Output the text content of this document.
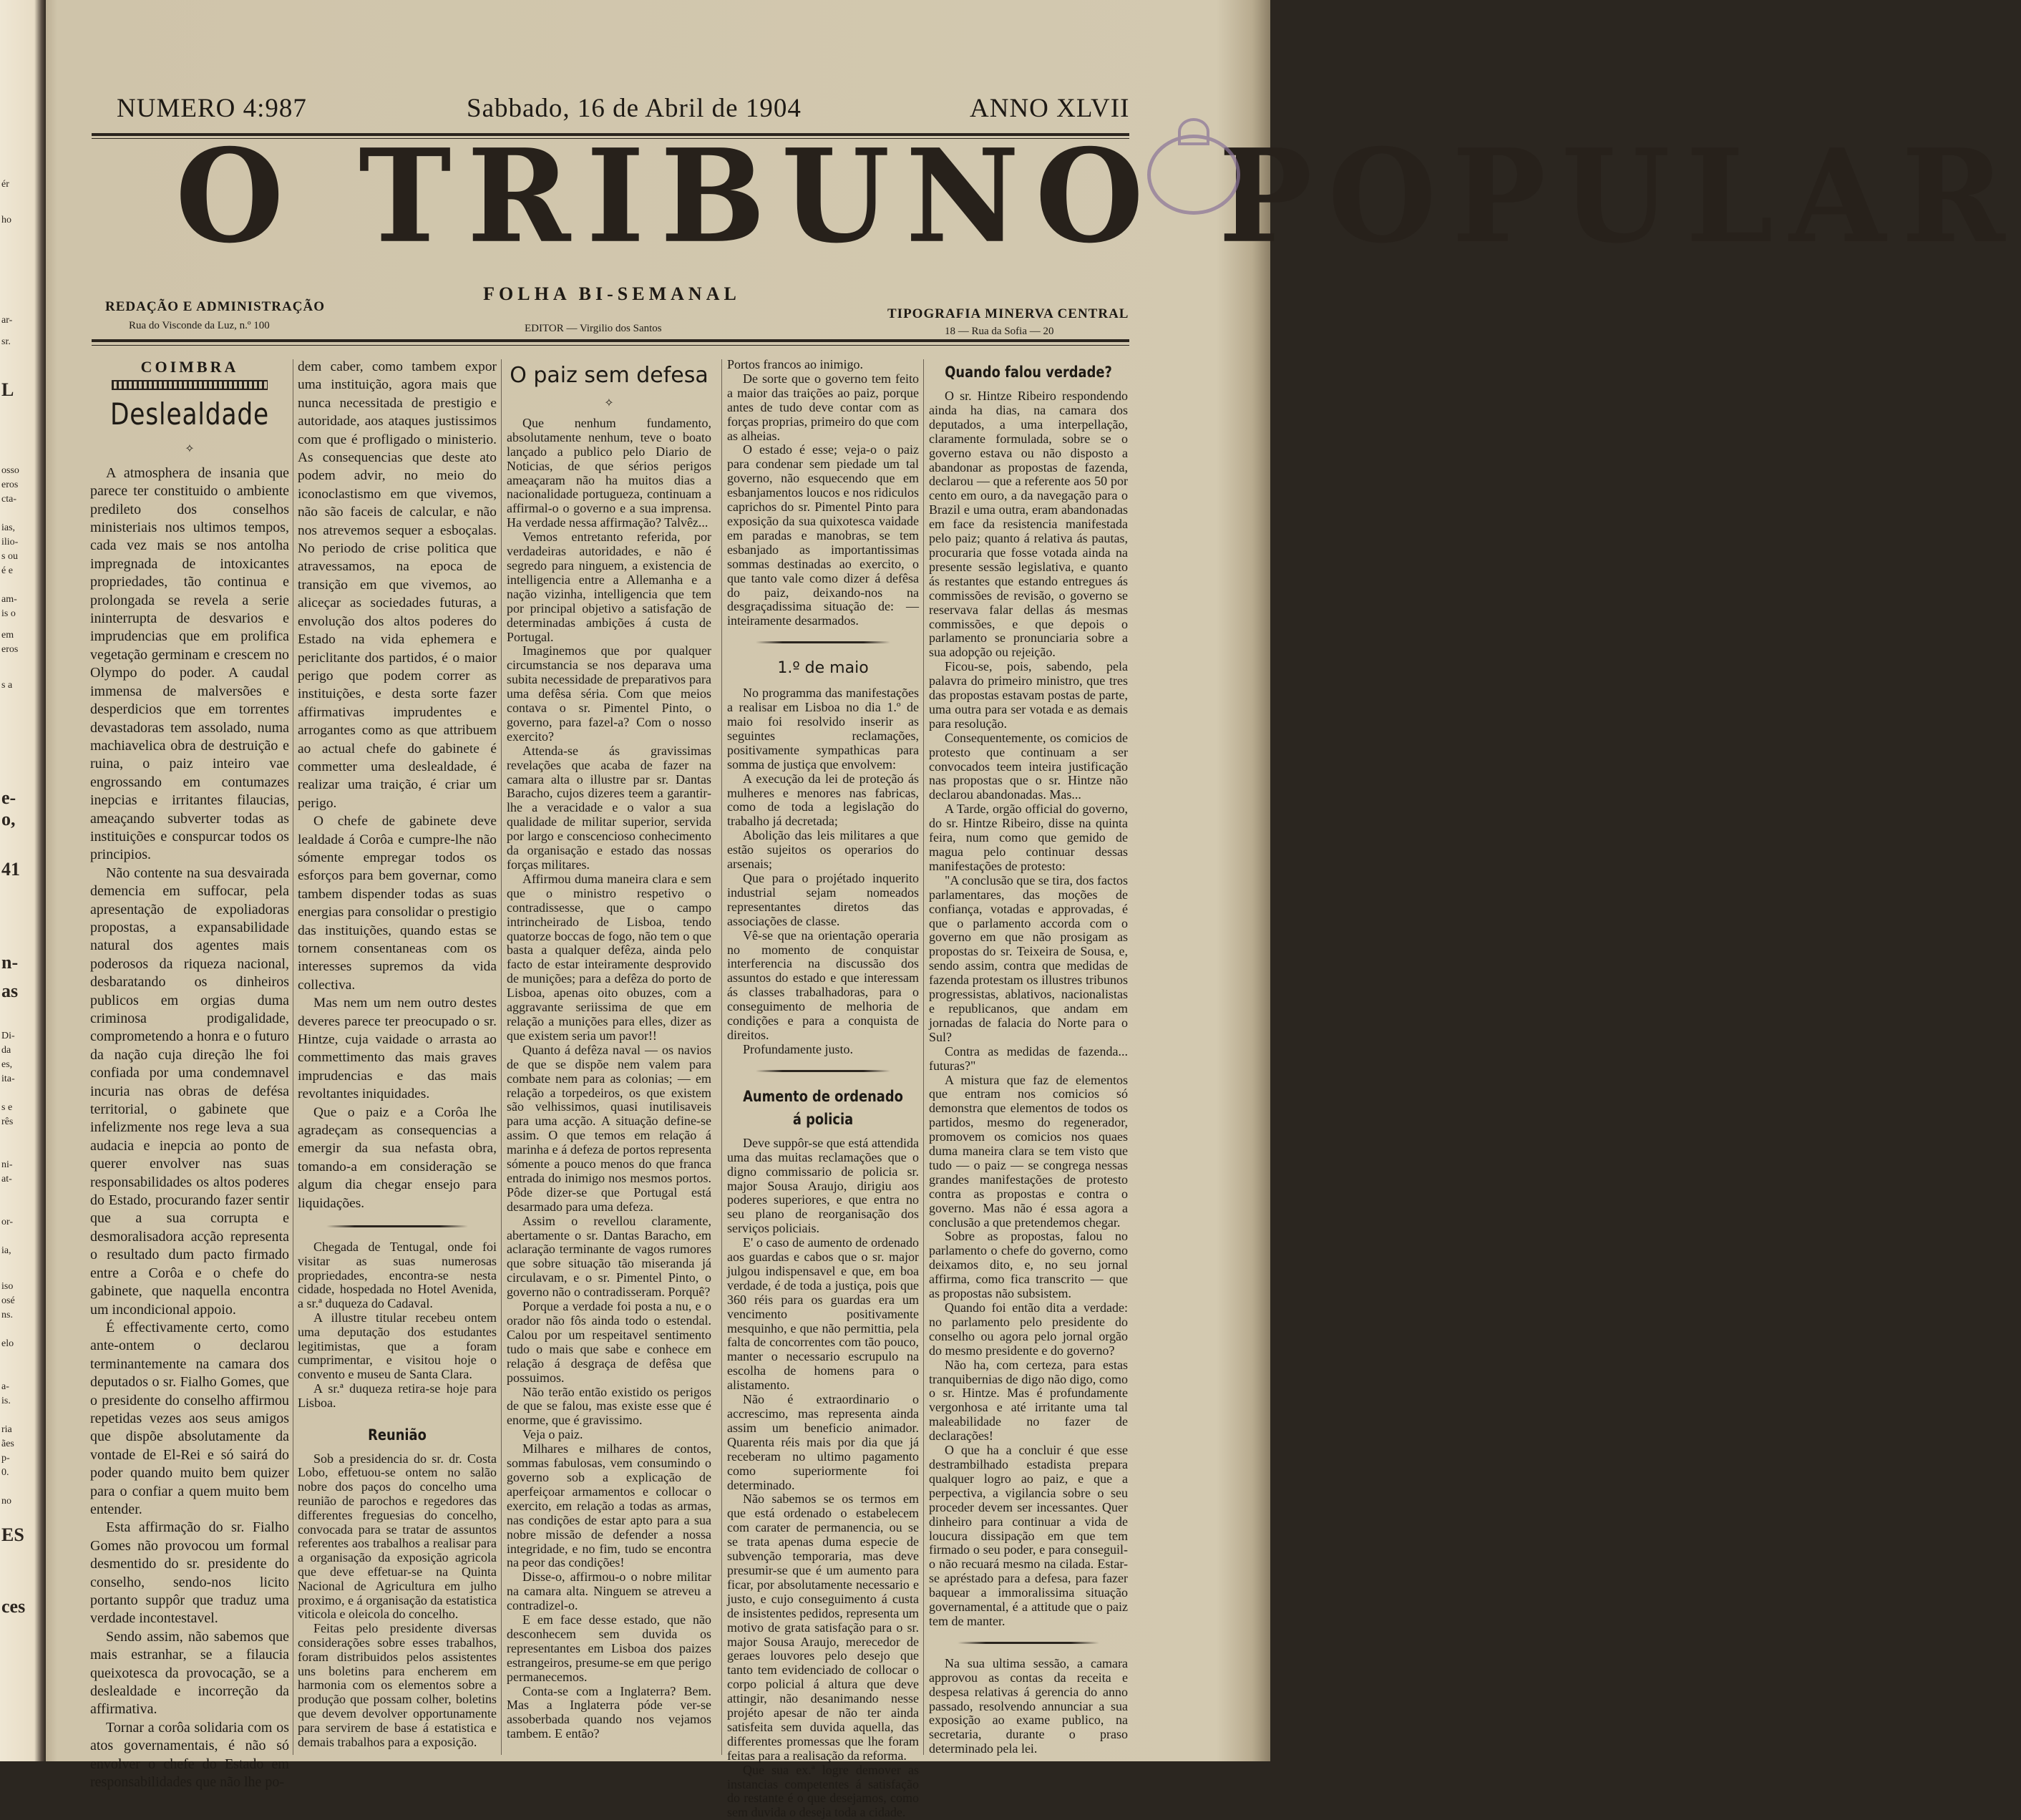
ér
ho
ar-
sr.
L
osso
eros
cta-
ias,
ilio-
s ou
é e
am-
is o
em
eros
s a
e-
o,
41
n-
as
Di-
da
es,
ita-
s e
rês
ni-
at-
or-
ia,
iso
osé
ns.
elo
a-
is.
ria
ães
p-
0.
no
ES
ces
NUMERO 4:987	Sabbado, 16 de Abril de 1904	ANNO XLVII
O TRIBUNO POPULAR
FOLHA BI-SEMANAL
REDAÇÃO E ADMINISTRAÇÃO
Rua do Visconde da Luz, n.º 100	EDITOR — Virgilio dos Santos
TIPOGRAFIA MINERVA CENTRAL
18 — Rua da Sofia — 20
COIMBRA
Deslealdade
✧

A atmosphera de insania que parece ter constituido o ambiente predileto dos conselhos ministeriais nos ultimos tempos, cada vez mais se nos antolha impregnada de intoxicantes propriedades, tão continua e prolongada se revela a serie ininterrupta de desvarios e imprudencias que em prolifica vegetação germinam e crescem no Olympo do poder. A caudal immensa de malversões e desperdicios que em torrentes devastadoras tem assolado, numa machiavelica obra de destruição e ruina, o paiz inteiro vae engrossando em contumazes inepcias e irritantes filaucias, ameaçando subverter todas as instituições e conspurcar todos os principios.

Não contente na sua desvairada demencia em suffocar, pela apresentação de expoliadoras propostas, a expansabilidade natural dos agentes mais poderosos da riqueza nacional, desbaratando os dinheiros publicos em orgias duma criminosa prodigalidade, comprometendo a honra e o futuro da nação cuja direção lhe foi confiada por uma condemnavel incuria nas obras de defésa territorial, o gabinete que infelizmente nos rege leva a sua audacia e inepcia ao ponto de querer envolver nas suas responsabilidades os altos poderes do Estado, procurando fazer sentir que a sua corrupta e desmoralisadora acção representa o resultado dum pacto firmado entre a Corôa e o chefe do gabinete, que naquella encontra um incondicional appoio.

É effectivamente certo, como ante-ontem o declarou terminantemente na camara dos deputados o sr. Fialho Gomes, que o presidente do conselho affirmou repetidas vezes aos seus amigos que dispõe absolutamente da vontade de El-Rei e só sairá do poder quando muito bem quizer para o confiar a quem muito bem entender.

Esta affirmação do sr. Fialho Gomes não provocou um formal desmentido do sr. presidente do conselho, sendo-nos licito portanto suppôr que traduz uma verdade incontestavel.

Sendo assim, não sabemos que mais estranhar, se a filaucia queixotesca da provocação, se a deslealdade e incorreção da affirmativa.

Tornar a corôa solidaria com os atos governamentais, é não só envolver o chefe do Estado em responsabilidades que não lhe po-

dem caber, como tambem expor uma instituição, agora mais que nunca necessitada de prestigio e autoridade, aos ataques justissimos com que é profligado o ministerio. As consequencias que deste ato podem advir, no meio do iconoclastismo em que vivemos, não são faceis de calcular, e não nos atrevemos sequer a esboçalas. No periodo de crise politica que atravessamos, na epoca de transição em que vivemos, ao aliceçar as sociedades futuras, a envolução dos altos poderes do Estado na vida ephemera e periclitante dos partidos, é o maior perigo que podem correr as instituições, e desta sorte fazer affirmativas imprudentes e arrogantes como as que attribuem ao actual chefe do gabinete é commetter uma deslealdade, é realizar uma traição, é criar um perigo.

O chefe de gabinete deve lealdade á Corôa e cumpre-lhe não sómente empregar todos os esforços para bem governar, como tambem dispender todas as suas energias para consolidar o prestigio das instituições, quando estas se tornem consentaneas com os interesses supremos da vida collectiva.

Mas nem um nem outro destes deveres parece ter preocupado o sr. Hintze, cuja vaidade o arrasta ao commettimento das mais graves imprudencias e das mais revoltantes iniquidades.

Que o paiz e a Corôa lhe agradeçam as consequencias a emergir da sua nefasta obra, tomando-a em consideração se algum dia chegar ensejo para liquidações.

Chegada de Tentugal, onde foi visitar as suas numerosas propriedades, encontra-se nesta cidade, hospedada no Hotel Avenida, a sr.ª duqueza do Cadaval.

A illustre titular recebeu ontem uma deputação dos estudantes legitimistas, que a foram cumprimentar, e visitou hoje o convento e museu de Santa Clara.

A sr.ª duqueza retira-se hoje para Lisboa.

Reunião

Sob a presidencia do sr. dr. Costa Lobo, effetuou-se ontem no salão nobre dos paços do concelho uma reunião de parochos e regedores das differentes freguesias do concelho, convocada para se tratar de assuntos referentes aos trabalhos a realisar para a organisação da exposição agricola que deve effetuar-se na Quinta Nacional de Agricultura em julho proximo, e á organisação da estatistica viticola e oleicola do concelho.

Feitas pelo presidente diversas considerações sobre esses trabalhos, foram distribuidos pelos assistentes uns boletins para encherem em harmonia com os elementos sobre a produção que possam colher, boletins que devem devolver opportunamente para servirem de base á estatistica e demais trabalhos para a exposição.

O paiz sem defesa
✧

Que nenhum fundamento, absolutamente nenhum, teve o boato lançado a publico pelo Diario de Noticias, de que sérios perigos ameaçaram não ha muitos dias a nacionalidade portugueza, continuam a affirmal-o o governo e a sua imprensa. Ha verdade nessa affirmação? Talvêz...

Vemos entretanto referida, por verdadeiras autoridades, e não é segredo para ninguem, a existencia de intelligencia entre a Allemanha e a nação vizinha, intelligencia que tem por principal objetivo a satisfação de determinadas ambições á custa de Portugal.

Imaginemos que por qualquer circumstancia se nos deparava uma subita necessidade de preparativos para uma defêsa séria. Com que meios contava o sr. Pimentel Pinto, o governo, para fazel-a? Com o nosso exercito?

Attenda-se ás gravissimas revelações que acaba de fazer na camara alta o illustre par sr. Dantas Baracho, cujos dizeres teem a garantir-lhe a veracidade e o valor a sua qualidade de militar superior, servida por largo e conscencioso conhecimento da organisação e estado das nossas forças militares.

Affirmou duma maneira clara e sem que o ministro respetivo o contradissesse, que o campo intrincheirado de Lisboa, tendo quatorze boccas de fogo, não tem o que basta a qualquer defêza, ainda pelo facto de estar inteiramente desprovido de munições; para a defêza do porto de Lisboa, apenas oito obuzes, com a aggravante seriissima de que em relação a munições para elles, dizer as que existem seria um pavor!!

Quanto á defêza naval — os navios de que se dispõe nem valem para combate nem para as colonias; — em relação a torpedeiros, os que existem são velhissimos, quasi inutilisaveis para uma acção. A situação define-se assim. O que temos em relação á marinha e á defeza de portos representa sómente a pouco menos do que franca entrada do inimigo nos mesmos portos. Pôde dizer-se que Portugal está desarmado para uma defeza.

Assim o revellou claramente, abertamente o sr. Dantas Baracho, em aclaração terminante de vagos rumores que sobre situação tão miseranda já circulavam, e o sr. Pimentel Pinto, o governo não o contradisseram. Porquê?

Porque a verdade foi posta a nu, e o orador não fôs ainda todo o estendal. Calou por um respeitavel sentimento tudo o mais que sabe e conhece em relação á desgraça de defêsa que possuimos.

Não terão então existido os perigos de que se falou, mas existe esse que é enorme, que é gravissimo.

Veja o paiz.

Milhares e milhares de contos, sommas fabulosas, vem consumindo o governo sob a explicação de aperfeiçoar armamentos e collocar o exercito, em relação a todas as armas, nas condições de estar apto para a sua nobre missão de defender a nossa integridade, e no fim, tudo se encontra na peor das condições!

Disse-o, affirmou-o o nobre militar na camara alta. Ninguem se atreveu a contradizel-o.

E em face desse estado, que não desconhecem sem duvida os representantes em Lisboa dos paizes estrangeiros, presume-se em que perigo permanecemos.

Conta-se com a Inglaterra? Bem. Mas a Inglaterra póde ver-se assoberbada quando nos vejamos tambem. E então?

Portos francos ao inimigo.

De sorte que o governo tem feito a maior das traições ao paiz, porque antes de tudo deve contar com as forças proprias, primeiro do que com as alheias.

O estado é esse; veja-o o paiz para condenar sem piedade um tal governo, não esquecendo que em esbanjamentos loucos e nos ridiculos caprichos do sr. Pimentel Pinto para exposição da sua quixotesca vaidade em paradas e manobras, se tem esbanjado as importantissimas sommas destinadas ao exercito, o que tanto vale como dizer á defêsa do paiz, deixando-nos na desgraçadissima situação de: — inteiramente desarmados.

1.º de maio

No programma das manifestações a realisar em Lisboa no dia 1.º de maio foi resolvido inserir as seguintes reclamações, positivamente sympathicas para somma de justiça que envolvem:

A execução da lei de proteção ás mulheres e menores nas fabricas, como de toda a legislação do trabalho já decretada;

Abolição das leis militares a que estão sujeitos os operarios do arsenais;

Que para o projétado inquerito industrial sejam nomeados representantes diretos das associações de classe.

Vê-se que na orientação operaria no momento de conquistar interferencia na discussão dos assuntos do estado e que interessam ás classes trabalhadoras, para o conseguimento de melhoria de condições e para a conquista de direitos.

Profundamente justo.

Aumento de ordenado á policia

Deve suppôr-se que está attendida uma das muitas reclamações que o digno commissario de policia sr. major Sousa Araujo, dirigiu aos poderes superiores, e que entra no seu plano de reorganisação dos serviços policiais.

E' o caso de aumento de ordenado aos guardas e cabos que o sr. major julgou indispensavel e que, em boa verdade, é de toda a justiça, pois que 360 réis para os guardas era um vencimento positivamente mesquinho, e que não permittia, pela falta de concorrentes com tão pouco, manter o necessario escrupulo na escolha de homens para o alistamento.

Não é extraordinario o accrescimo, mas representa ainda assim um beneficio animador. Quarenta réis mais por dia que já receberam no ultimo pagamento como superiormente foi determinado.

Não sabemos se os termos em que está ordenado o estabelecem com carater de permanencia, ou se se trata apenas duma especie de subvenção temporaria, mas deve presumir-se que é um aumento para ficar, por absolutamente necessario e justo, e cujo conseguimento á custa de insistentes pedidos, representa um motivo de grata satisfação para o sr. major Sousa Araujo, merecedor de geraes louvores pelo desejo que tanto tem evidenciado de collocar o corpo policial á altura que deve attingir, não desanimando nesse projéto apesar de não ter ainda satisfeita sem duvida aquella, das differentes promessas que lhe foram feitas para a realisação da reforma.

Que sua ex.ª logre demover as instancias competentes á satisfação do restante é o que desejamos, como sem duvida o deseja toda a cidade.

Quando falou verdade?

O sr. Hintze Ribeiro respondendo ainda ha dias, na camara dos deputados, a uma interpellação, claramente formulada, sobre se o governo estava ou não disposto a abandonar as propostas de fazenda, declarou — que a referente aos 50 por cento em ouro, a da navegação para o Brazil e uma outra, eram abandonadas em face da resistencia manifestada pelo paiz; quanto á relativa ás pautas, procuraria que fosse votada ainda na presente sessão legislativa, e quanto ás restantes que estando entregues ás commissões de revisão, o governo se reservava falar dellas ás mesmas commissões, e que depois o parlamento se pronunciaria sobre a sua adopção ou rejeição.

Ficou-se, pois, sabendo, pela palavra do primeiro ministro, que tres das propostas estavam postas de parte, uma outra para ser votada e as demais para resolução.

Consequentemente, os comicios de protesto que continuam a ser convocados teem inteira justificação nas propostas que o sr. Hintze não declarou abandonadas. Mas...

A Tarde, orgão official do governo, do sr. Hintze Ribeiro, disse na quinta feira, num como que gemido de magua pelo continuar dessas manifestações de protesto:

"A conclusão que se tira, dos factos parlamentares, das moções de confiança, votadas e approvadas, é que o parlamento accorda com o governo em que não prosigam as propostas do sr. Teixeira de Sousa, e, sendo assim, contra que medidas de fazenda protestam os illustres tribunos progressistas, ablativos, nacionalistas e republicanos, que andam em jornadas de falacia do Norte para o Sul?

Contra as medidas de fazenda... futuras?"

A mistura que faz de elementos que entram nos comicios só demonstra que elementos de todos os partidos, mesmo do regenerador, promovem os comicios nos quaes duma maneira clara se tem visto que tudo — o paiz — se congrega nessas grandes manifestações de protesto contra as propostas e contra o governo. Mas não é essa agora a conclusão a que pretendemos chegar.

Sobre as propostas, falou no parlamento o chefe do governo, como deixamos dito, e, no seu jornal affirma, como fica transcrito — que as propostas não subsistem.

Quando foi então dita a verdade: no parlamento pelo presidente do conselho ou agora pelo jornal orgão do mesmo presidente e do governo?

Não ha, com certeza, para estas tranquibernias de digo não digo, como o sr. Hintze. Mas é profundamente vergonhosa e até irritante uma tal maleabilidade no fazer de declarações!

O que ha a concluir é que esse destrambilhado estadista prepara qualquer logro ao paiz, e que a perpectiva, a vigilancia sobre o seu proceder devem ser incessantes. Quer dinheiro para continuar a vida de loucura dissipação em que tem firmado o seu poder, e para conseguil-o não recuará mesmo na cilada. Estar-se apréstado para a defesa, para fazer baquear a immoralissima situação governamental, é a attitude que o paiz tem de manter.

Na sua ultima sessão, a camara approvou as contas da receita e despesa relativas á gerencia do anno passado, resolvendo annunciar a sua exposição ao exame publico, na secretaria, durante o praso determinado pela lei.
